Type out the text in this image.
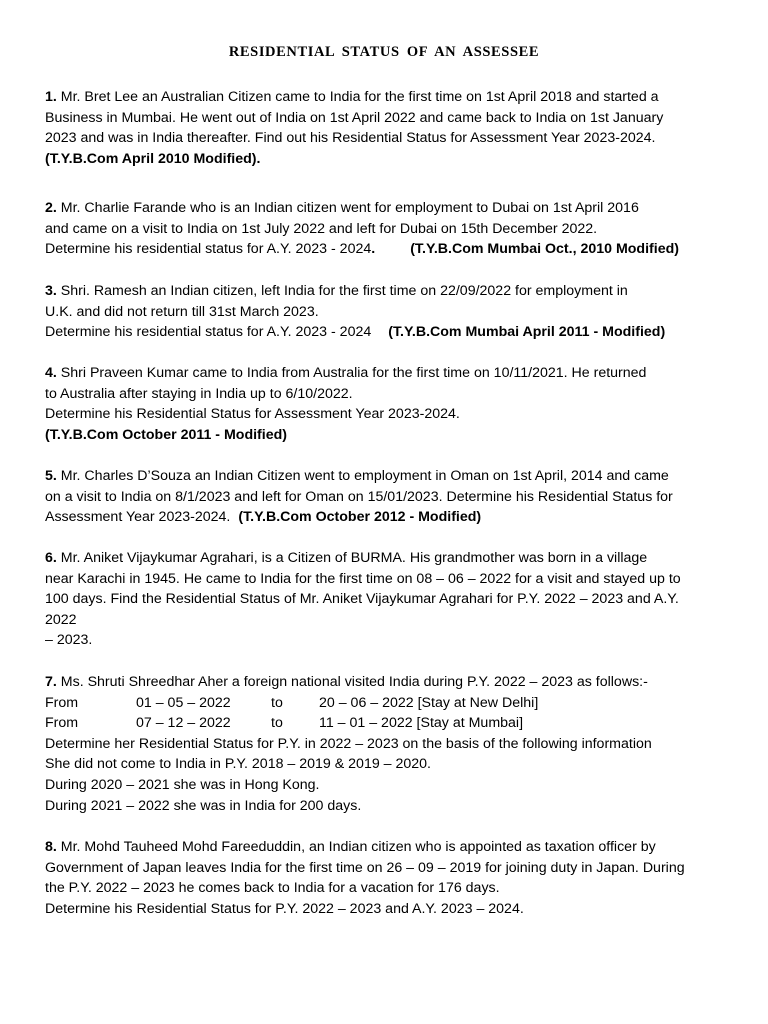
RESIDENTIAL STATUS OF AN ASSESSEE
1. Mr. Bret Lee an Australian Citizen came to India for the first time on 1st April 2018 and started a
Business in Mumbai. He went out of India on 1st April 2022 and came back to India on 1st January
2023 and was in India thereafter. Find out his Residential Status for Assessment Year 2023-2024.
(T.Y.B.Com April 2010 Modified).
2. Mr. Charlie Farande who is an Indian citizen went for employment to Dubai on 1st April 2016
and came on a visit to India on 1st July 2022 and left for Dubai on 15th December 2022.
Determine his residential status for A.Y. 2023 - 2024. (T.Y.B.Com Mumbai Oct., 2010 Modified)
3. Shri. Ramesh an Indian citizen, left India for the first time on 22/09/2022 for employment in
U.K. and did not return till 31st March 2023.
Determine his residential status for A.Y. 2023 - 2024 (T.Y.B.Com Mumbai April 2011 - Modified)
4. Shri Praveen Kumar came to India from Australia for the first time on 10/11/2021. He returned
to Australia after staying in India up to 6/10/2022.
Determine his Residential Status for Assessment Year 2023-2024.
(T.Y.B.Com October 2011 - Modified)
5. Mr. Charles D’Souza an Indian Citizen went to employment in Oman on 1st April, 2014 and came
on a visit to India on 8/1/2023 and left for Oman on 15/01/2023. Determine his Residential Status for
Assessment Year 2023-2024. (T.Y.B.Com October 2012 - Modified)
6. Mr. Aniket Vijaykumar Agrahari, is a Citizen of BURMA. His grandmother was born in a village
near Karachi in 1945. He came to India for the first time on 08 – 06 – 2022 for a visit and stayed up to
100 days. Find the Residential Status of Mr. Aniket Vijaykumar Agrahari for P.Y. 2022 – 2023 and A.Y.
2022
– 2023.
7. Ms. Shruti Shreedhar Aher a foreign national visited India during P.Y. 2022 – 2023 as follows:-
From	01 – 05 – 2022	to	20 – 06 – 2022 [Stay at New Delhi]
From	07 – 12 – 2022	to	11 – 01 – 2022 [Stay at Mumbai]
Determine her Residential Status for P.Y. in 2022 – 2023 on the basis of the following information
She did not come to India in P.Y. 2018 – 2019 & 2019 – 2020.
During 2020 – 2021 she was in Hong Kong.
During 2021 – 2022 she was in India for 200 days.
8. Mr. Mohd Tauheed Mohd Fareeduddin, an Indian citizen who is appointed as taxation officer by
Government of Japan leaves India for the first time on 26 – 09 – 2019 for joining duty in Japan. During
the P.Y. 2022 – 2023 he comes back to India for a vacation for 176 days.
Determine his Residential Status for P.Y. 2022 – 2023 and A.Y. 2023 – 2024.
